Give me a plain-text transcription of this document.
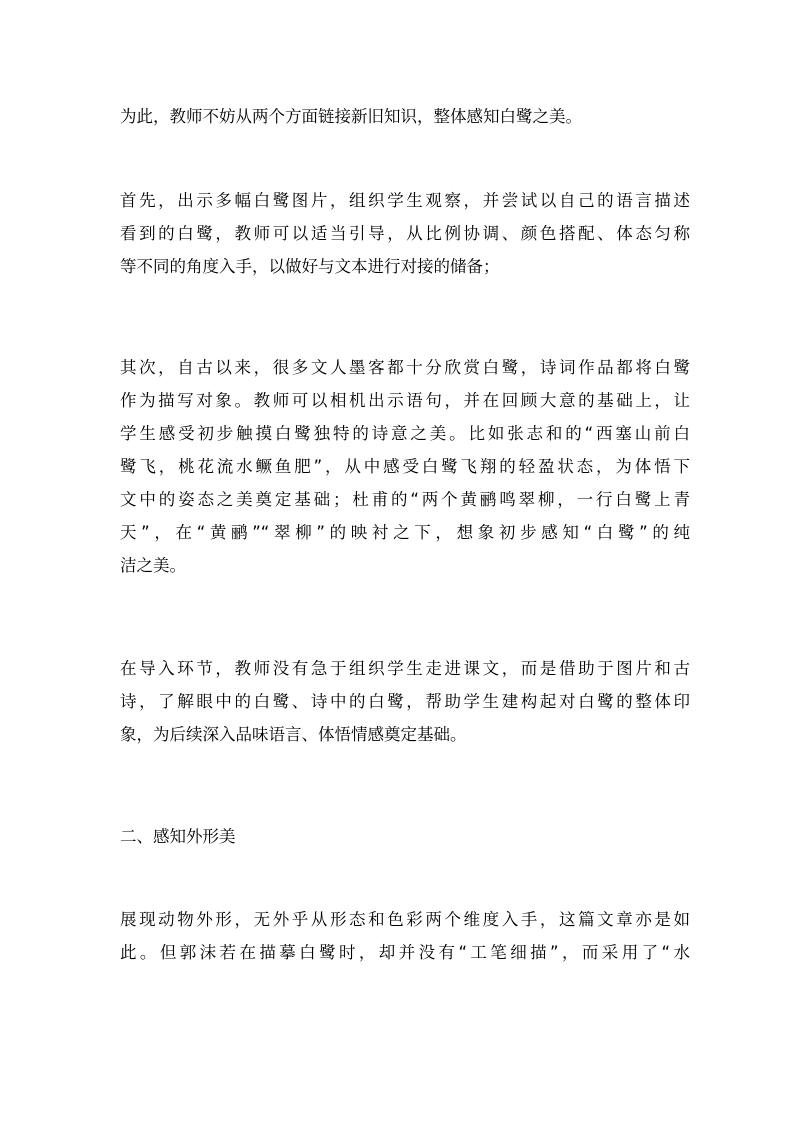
为此，教师不妨从两个方面链接新旧知识，整体感知白鹭之美。
首先，出示多幅白鹭图片，组织学生观察，并尝试以自己的语言描述
看到的白鹭，教师可以适当引导，从比例协调、颜色搭配、体态匀称
等不同的角度入手，以做好与文本进行对接的储备；
其次，自古以来，很多文人墨客都十分欣赏白鹭，诗词作品都将白鹭
作为描写对象。教师可以相机出示语句，并在回顾大意的基础上，让
学生感受初步触摸白鹭独特的诗意之美。比如张志和的“西塞山前白
鹭飞，桃花流水鳜鱼肥”，从中感受白鹭飞翔的轻盈状态，为体悟下
文中的姿态之美奠定基础；杜甫的“两个黄鹂鸣翠柳，一行白鹭上青
天”，在“黄鹂”“翠柳”的映衬之下，想象初步感知“白鹭”的纯
洁之美。
在导入环节，教师没有急于组织学生走进课文，而是借助于图片和古
诗，了解眼中的白鹭、诗中的白鹭，帮助学生建构起对白鹭的整体印
象，为后续深入品味语言、体悟情感奠定基础。
二、感知外形美
展现动物外形，无外乎从形态和色彩两个维度入手，这篇文章亦是如
此。但郭沫若在描摹白鹭时，却并没有“工笔细描”，而采用了“水
